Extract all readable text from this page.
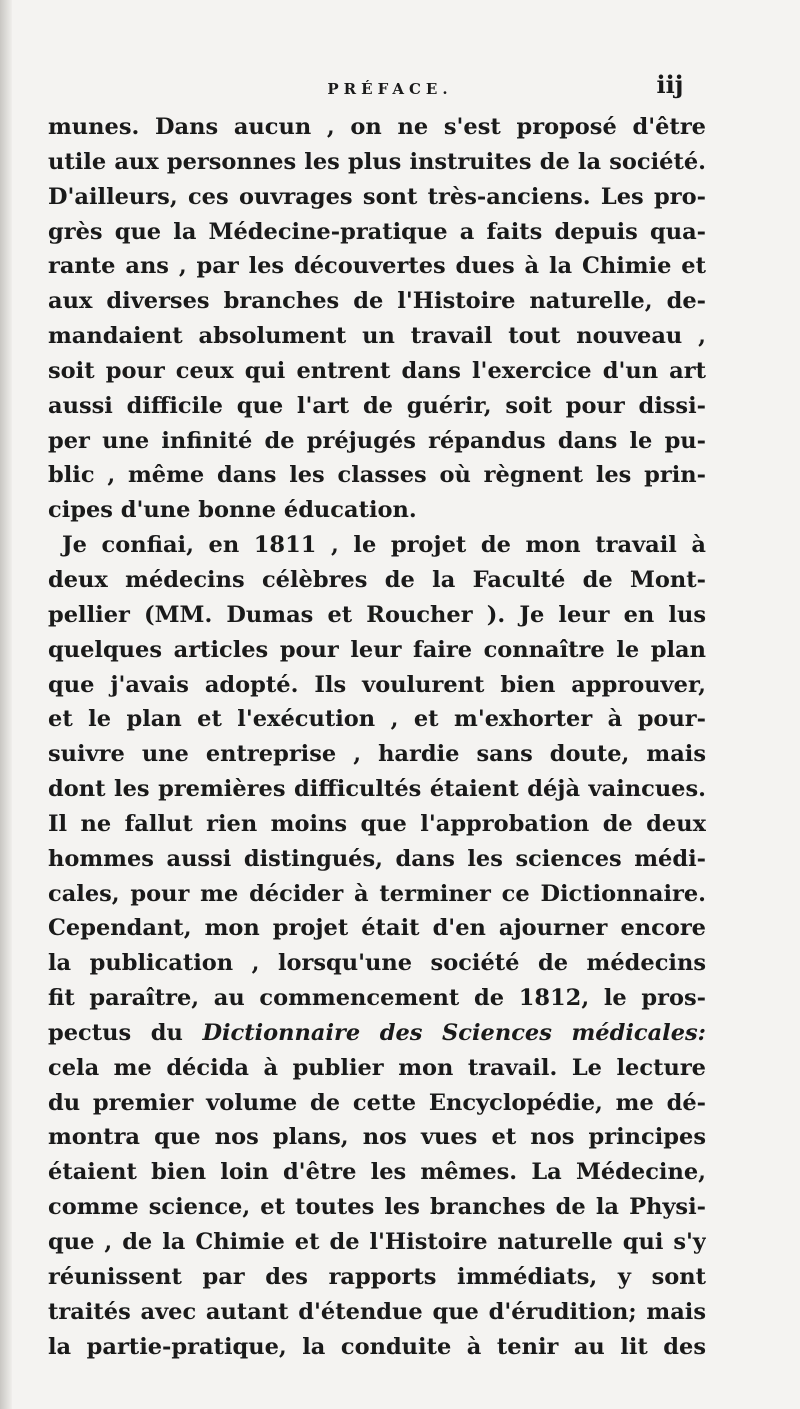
PRÉFACE.	iij
munes. Dans aucun , on ne s'est proposé d'être
utile aux personnes les plus instruites de la société.
D'ailleurs, ces ouvrages sont très-anciens. Les pro-
grès que la Médecine-pratique a faits depuis qua-
rante ans , par les découvertes dues à la Chimie et
aux diverses branches de l'Histoire naturelle, de-
mandaient absolument un travail tout nouveau ,
soit pour ceux qui entrent dans l'exercice d'un art
aussi difficile que l'art de guérir, soit pour dissi-
per une infinité de préjugés répandus dans le pu-
blic , même dans les classes où règnent les prin-
cipes d'une bonne éducation.
Je confiai, en 1811 , le projet de mon travail à
deux médecins célèbres de la Faculté de Mont-
pellier (MM. Dumas et Roucher ). Je leur en lus
quelques articles pour leur faire connaître le plan
que j'avais adopté. Ils voulurent bien approuver,
et le plan et l'exécution , et m'exhorter à pour-
suivre une entreprise , hardie sans doute, mais
dont les premières difficultés étaient déjà vaincues.
Il ne fallut rien moins que l'approbation de deux
hommes aussi distingués, dans les sciences médi-
cales, pour me décider à terminer ce Dictionnaire.
Cependant, mon projet était d'en ajourner encore
la publication , lorsqu'une société de médecins
fit paraître, au commencement de 1812, le pros-
pectus du Dictionnaire des Sciences médicales:
cela me décida à publier mon travail. Le lecture
du premier volume de cette Encyclopédie, me dé-
montra que nos plans, nos vues et nos principes
étaient bien loin d'être les mêmes. La Médecine,
comme science, et toutes les branches de la Physi-
que , de la Chimie et de l'Histoire naturelle qui s'y
réunissent par des rapports immédiats, y sont
traités avec autant d'étendue que d'érudition; mais
la partie-pratique, la conduite à tenir au lit des
